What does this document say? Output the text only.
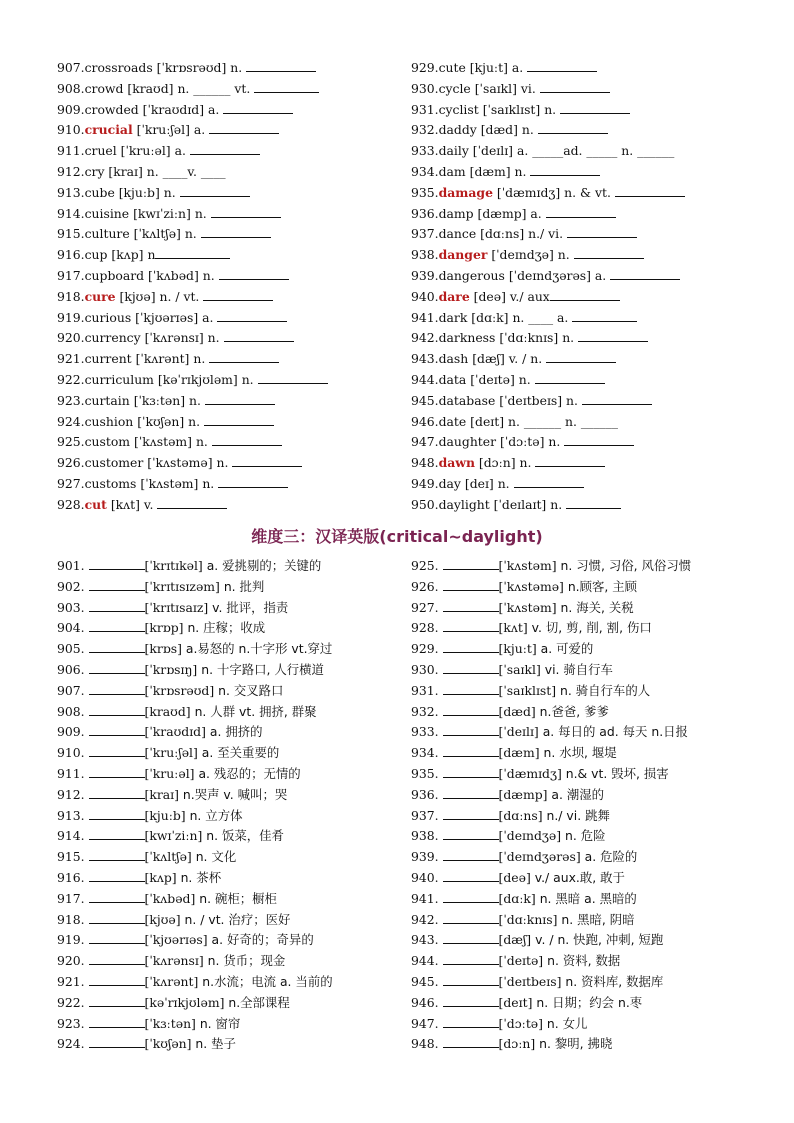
907.crossroads [ˈkrɒsrəʊd] n.
908.crowd [kraʊd] n. ______ vt.
909.crowded [ˈkraʊdɪd] a.
910.crucial [ˈkruːʃəl] a.
911.cruel [ˈkruːəl] a.
912.cry [kraɪ] n. ____v. ____
913.cube [kjuːb] n.
914.cuisine [kwɪˈziːn] n.
915.culture [ˈkʌltʃə] n.
916.cup [kʌp] n
917.cupboard [ˈkʌbəd] n.
918.cure [kjʊə] n. / vt.
919.curious [ˈkjʊərɪəs] a.
920.currency [ˈkʌrənsɪ] n.
921.current [ˈkʌrənt] n.
922.curriculum [kəˈrɪkjʊləm] n.
923.curtain [ˈkɜːtən] n.
924.cushion [ˈkʊʃən] n.
925.custom [ˈkʌstəm] n.
926.customer [ˈkʌstəmə] n.
927.customs [ˈkʌstəm] n.
928.cut [kʌt] v.
929.cute [kjuːt] a.
930.cycle [ˈsaɪkl] vi.
931.cyclist [ˈsaɪklɪst] n.
932.daddy [dæd] n.
933.daily [ˈdeɪlɪ] a. _____ad. _____ n. ______
934.dam [dæm] n.
935.damage [ˈdæmɪdʒ] n. & vt.
936.damp [dæmp] a.
937.dance [dɑːns] n./ vi.
938.danger [ˈdeɪndʒə] n.
939.dangerous [ˈdeɪndʒərəs] a.
940.dare [deə] v./ aux
941.dark [dɑːk] n. ____ a.
942.darkness [ˈdɑːknɪs] n.
943.dash [dæʃ] v. / n.
944.data [ˈdeɪtə] n.
945.database [ˈdeɪtbeɪs] n.
946.date [deɪt] n. ______ n. ______
947.daughter [ˈdɔːtə] n.
948.dawn [dɔːn] n.
949.day [deɪ] n.
950.daylight [ˈdeɪlaɪt] n.
维度三：汉译英版(critical~daylight)
901.	[ˈkrɪtɪkəl] a. 爱挑剔的；关键的
902.	[ˈkrɪtɪsɪzəm] n. 批判
903.	[ˈkrɪtɪsaɪz] v. 批评，指责
904.	[krɒp] n. 庄稼；收成
905.	[krɒs] a.易怒的 n.十字形 vt.穿过
906.	[ˈkrɒsɪŋ] n. 十字路口, 人行横道
907.	[ˈkrɒsrəʊd] n. 交叉路口
908.	[kraʊd] n. 人群 vt. 拥挤, 群聚
909.	[ˈkraʊdɪd] a. 拥挤的
910.	[ˈkruːʃəl] a. 至关重要的
911.	[ˈkruːəl] a. 残忍的；无情的
912.	[kraɪ] n.哭声 v. 喊叫；哭
913.	[kjuːb] n. 立方体
914.	[kwɪˈziːn] n. 饭菜，佳肴
915.	[ˈkʌltʃə] n. 文化
916.	[kʌp] n. 茶杯
917.	[ˈkʌbəd] n. 碗柜；橱柜
918.	[kjʊə] n. / vt. 治疗；医好
919.	[ˈkjʊərɪəs] a. 好奇的；奇异的
920.	[ˈkʌrənsɪ] n. 货币；现金
921.	[ˈkʌrənt] n.水流；电流 a. 当前的
922.	[kəˈrɪkjʊləm] n.全部课程
923.	[ˈkɜːtən] n. 窗帘
924.	[ˈkʊʃən] n. 垫子
925.	[ˈkʌstəm] n. 习惯, 习俗, 风俗习惯
926.	[ˈkʌstəmə] n.顾客, 主顾
927.	[ˈkʌstəm] n. 海关, 关税
928.	[kʌt] v. 切, 剪, 削, 割, 伤口
929.	[kjuːt] a. 可爱的
930.	[ˈsaɪkl] vi. 骑自行车
931.	[ˈsaɪklɪst] n. 骑自行车的人
932.	[dæd] n.爸爸, 爹爹
933.	[ˈdeɪlɪ] a. 每日的 ad. 每天 n.日报
934.	[dæm] n. 水坝, 堰堤
935.	[ˈdæmɪdʒ] n.& vt. 毁坏, 损害
936.	[dæmp] a. 潮湿的
937.	[dɑːns] n./ vi. 跳舞
938.	[ˈdeɪndʒə] n. 危险
939.	[ˈdeɪndʒərəs] a. 危险的
940.	[deə] v./ aux.敢, 敢于
941.	[dɑːk] n. 黑暗 a. 黑暗的
942.	[ˈdɑːknɪs] n. 黑暗, 阴暗
943.	[dæʃ] v. / n. 快跑, 冲刺, 短跑
944.	[ˈdeɪtə] n. 资料, 数据
945.	[ˈdeɪtbeɪs] n. 资料库, 数据库
946.	[deɪt] n. 日期；约会 n.枣
947.	[ˈdɔːtə] n. 女儿
948.	[dɔːn] n. 黎明, 拂晓
